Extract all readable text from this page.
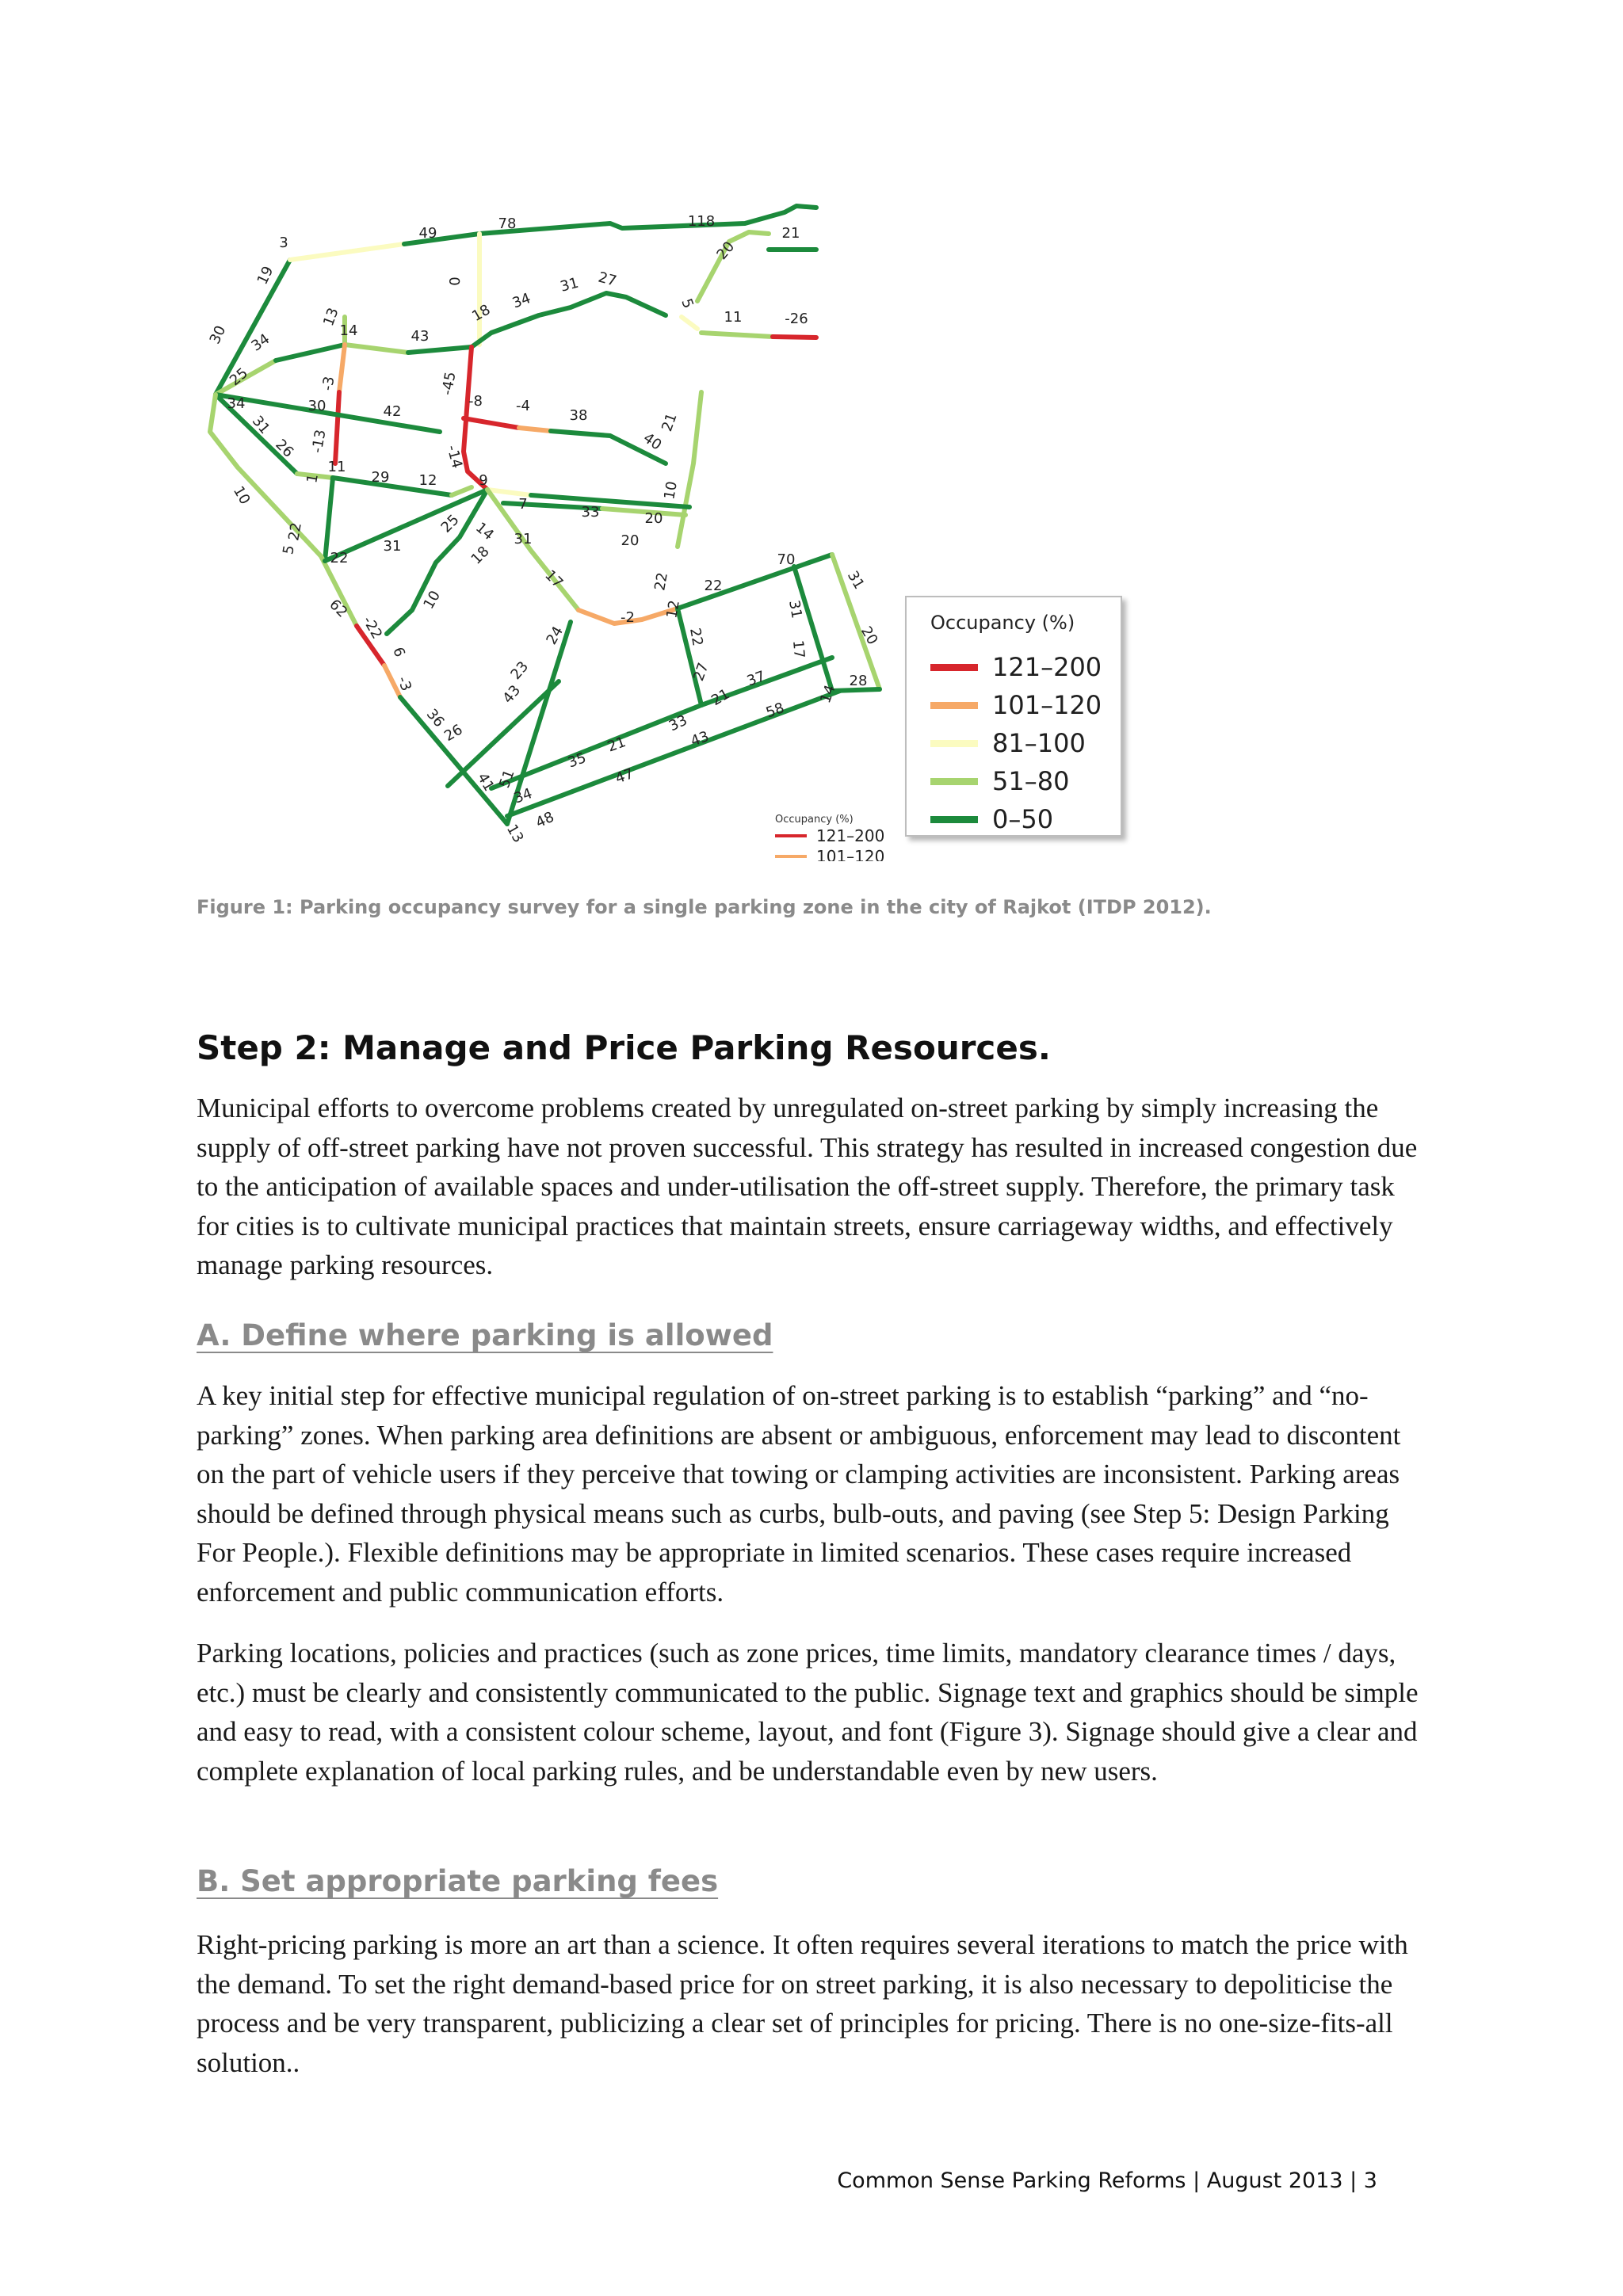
3
49
78	118
21
19
20
-26
11
0
18
34
31 27
5
30 34
13
14	43
25	-45
-3
34	30	42
-8 -4
38
40
21
31
-13
11
29 12
26
1
-14
9
10	10
22
7	33	20
5 22
31
25 14 31	20
18
22
17
-2
22
70
31
12
10
62
-22
6
24
31
17
20
-3
23
43
22
27
21
37	28
14
36
26	33
58
51
35
21	43
41
34
47
48
13
Occupancy (%)
121–200
101–120
81–100
51–80
0–50
Occupancy (%)
121–200
101–120

Figure 1: Parking occupancy survey for a single parking zone in the city of Rajkot (ITDP 2012).

Step 2: Manage and Price Parking Resources.

Municipal efforts to overcome problems created by unregulated on-street parking by simply increasing the supply of off-street parking have not proven successful. This strategy has resulted in increased congestion due to the anticipation of available spaces and under-utilisation the off-street supply. Therefore, the primary task for cities is to cultivate municipal practices that maintain streets, ensure carriageway widths, and effectively manage parking resources.

A. Define where parking is allowed

A key initial step for effective municipal regulation of on-street parking is to establish “parking” and “no-parking” zones. When parking area definitions are absent or ambiguous, enforcement may lead to discontent on the part of vehicle users if they perceive that towing or clamping activities are inconsistent. Parking areas should be defined through physical means such as curbs, bulb-outs, and paving (see Step 5: Design Parking For People.). Flexible definitions may be appropriate in limited scenarios. These cases require increased enforcement and public communication efforts.

Parking locations, policies and practices (such as zone prices, time limits, mandatory clearance times / days, etc.) must be clearly and consistently communicated to the public. Signage text and graphics should be simple and easy to read, with a consistent colour scheme, layout, and font (Figure 3). Signage should give a clear and complete explanation of local parking rules, and be understandable even by new users.

B. Set appropriate parking fees

Right-pricing parking is more an art than a science. It often requires several iterations to match the price with the demand. To set the right demand-based price for on street parking, it is also necessary to depoliticise the process and be very transparent, publicizing a clear set of principles for pricing. There is no one-size-fits-all solution..

Common Sense Parking Reforms | August 2013 | 3
